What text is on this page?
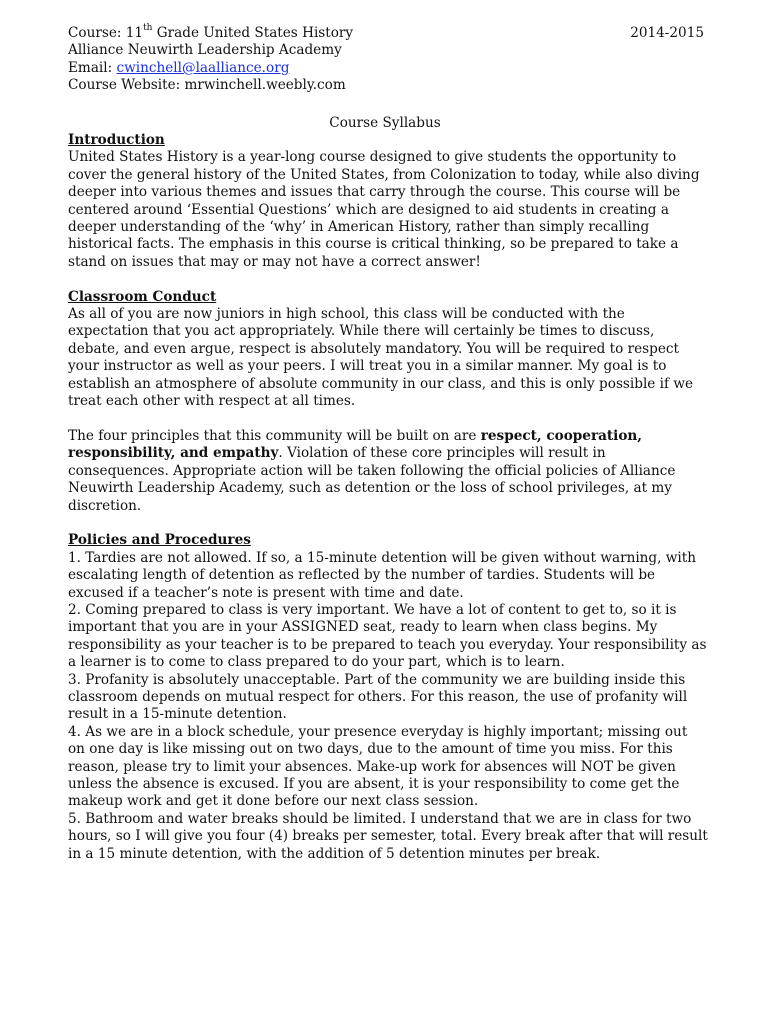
Course: 11th Grade United States History	2014-2015
Alliance Neuwirth Leadership Academy
Email: cwinchell@laalliance.org
Course Website: mrwinchell.weebly.com
Course Syllabus
Introduction

United States History is a year-long course designed to give students the opportunity to cover the general history of the United States, from Colonization to today, while also diving deeper into various themes and issues that carry through the course. This course will be centered around ‘Essential Questions’ which are designed to aid students in creating a deeper understanding of the ‘why’ in American History, rather than simply recalling historical facts. The emphasis in this course is critical thinking, so be prepared to take a stand on issues that may or may not have a correct answer!

Classroom Conduct

As all of you are now juniors in high school, this class will be conducted with the expectation that you act appropriately. While there will certainly be times to discuss, debate, and even argue, respect is absolutely mandatory. You will be required to respect your instructor as well as your peers. I will treat you in a similar manner. My goal is to establish an atmosphere of absolute community in our class, and this is only possible if we treat each other with respect at all times.

The four principles that this community will be built on are respect, cooperation, responsibility, and empathy. Violation of these core principles will result in consequences. Appropriate action will be taken following the official policies of Alliance Neuwirth Leadership Academy, such as detention or the loss of school privileges, at my discretion.

Policies and Procedures

1. Tardies are not allowed. If so, a 15-minute detention will be given without warning, with escalating length of detention as reflected by the number of tardies. Students will be excused if a teacher’s note is present with time and date.

2. Coming prepared to class is very important. We have a lot of content to get to, so it is important that you are in your ASSIGNED seat, ready to learn when class begins. My responsibility as your teacher is to be prepared to teach you everyday. Your responsibility as a learner is to come to class prepared to do your part, which is to learn.

3. Profanity is absolutely unacceptable. Part of the community we are building inside this classroom depends on mutual respect for others. For this reason, the use of profanity will result in a 15-minute detention.

4. As we are in a block schedule, your presence everyday is highly important; missing out on one day is like missing out on two days, due to the amount of time you miss. For this reason, please try to limit your absences. Make-up work for absences will NOT be given unless the absence is excused. If you are absent, it is your responsibility to come get the makeup work and get it done before our next class session.

5. Bathroom and water breaks should be limited. I understand that we are in class for two hours, so I will give you four (4) breaks per semester, total. Every break after that will result in a 15 minute detention, with the addition of 5 detention minutes per break.
